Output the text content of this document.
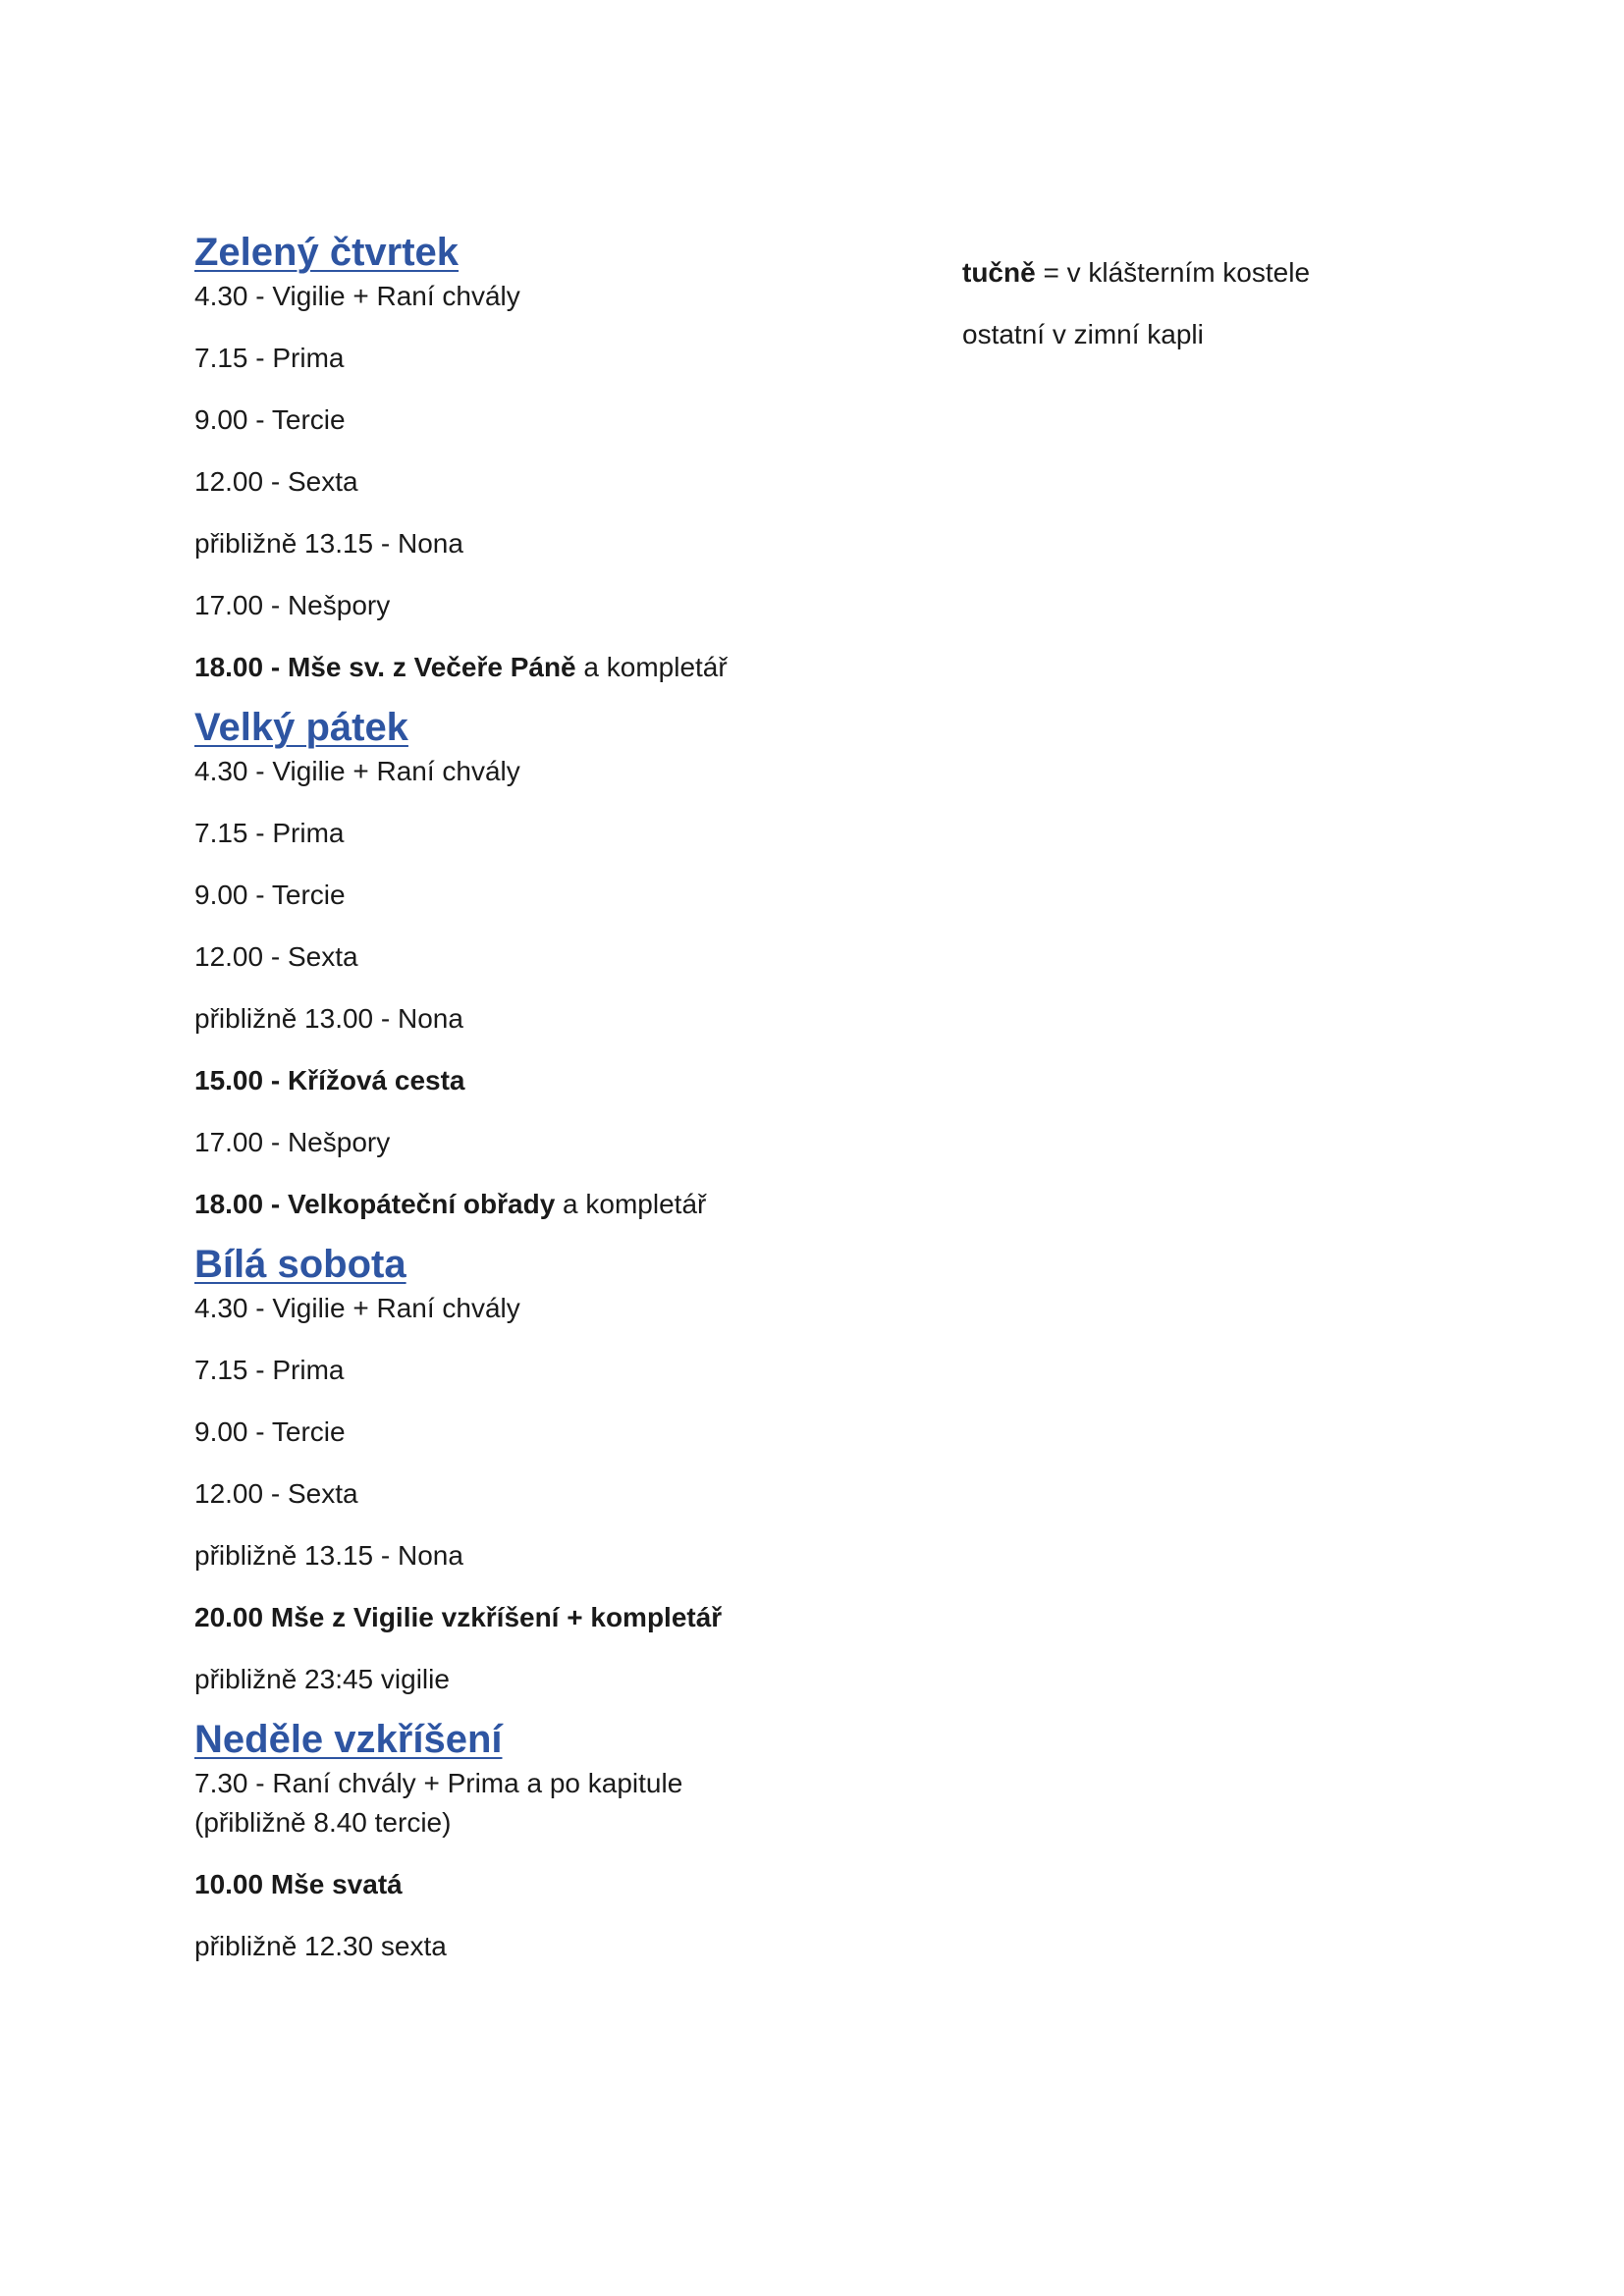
Zelený čtvrtek

4.30 - Vigilie + Raní chvály

7.15 - Prima

9.00 - Tercie

12.00 - Sexta

přibližně 13.15 - Nona

17.00 - Nešpory

18.00 - Mše sv. z Večeře Páně a kompletář

Velký pátek

4.30 - Vigilie + Raní chvály

7.15 - Prima

9.00 - Tercie

12.00 - Sexta

přibližně 13.00 - Nona

15.00 - Křížová cesta

17.00 - Nešpory

18.00 - Velkopáteční obřady a kompletář

Bílá sobota

4.30 - Vigilie + Raní chvály

7.15 - Prima

9.00 - Tercie

12.00 - Sexta

přibližně 13.15 - Nona

20.00 Mše z Vigilie vzkříšení + kompletář

přibližně 23:45 vigilie

Neděle vzkříšení

7.30 - Raní chvály + Prima a po kapitule

(přibližně 8.40 tercie)

10.00 Mše svatá

přibližně 12.30 sexta

tučně = v klášterním kostele

ostatní v zimní kapli
